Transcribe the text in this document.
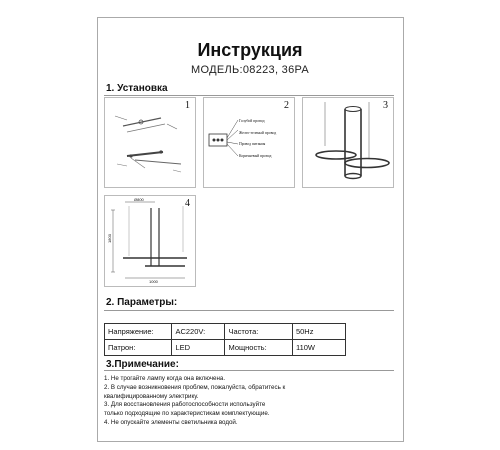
Инструкция
МОДЕЛЬ:08223, 36PA
1. Установка
1	2
Голубой провод
Желто-зеленый провод
Провод питания
Коричневый провод
3
4
Ø800
1800
1000
2. Параметры:
Напряжение:	AC220V:	Частота:	50Hz
Патрон:	LED	Мощность:	110W
3.Примечание:
1. Не трогайте лампу когда она включена.
2. В случае возникновения проблем, пожалуйста, обратитесь к
квалифицированному электрику.
3. Для восстановления работоспособности используйте
только подходящие по характеристикам комплектующие.
4. Не опускайте элементы светильника водой.
